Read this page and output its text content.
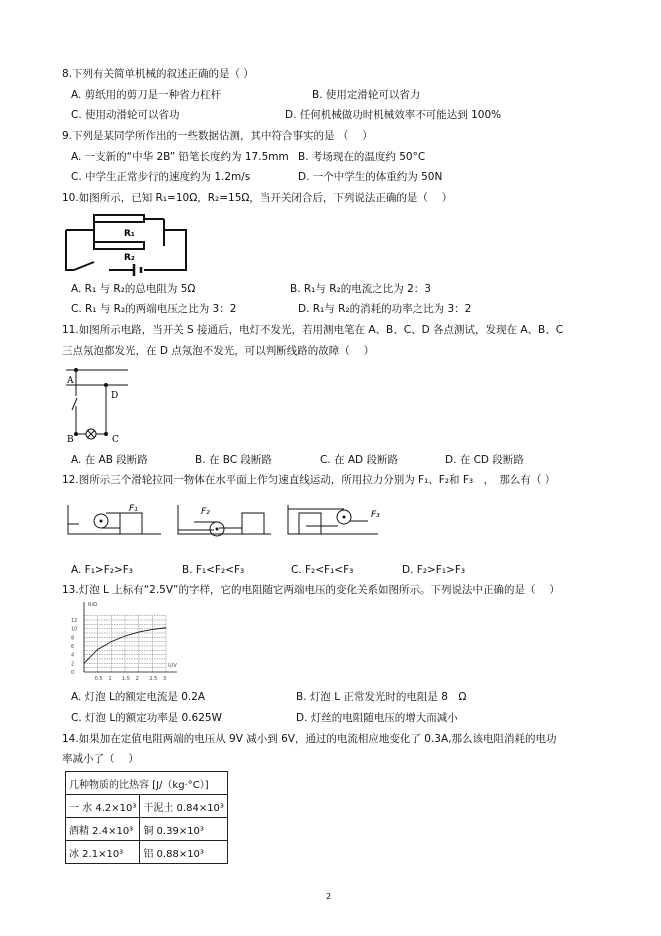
8.下列有关简单机械的叙述正确的是（ ）
A. 剪纸用的剪刀是一种省力杠杆	B. 使用定滑轮可以省力
C. 使用动滑轮可以省功	D. 任何机械做功时机械效率不可能达到 100%
9.下列是某同学所作出的一些数据估测，其中符合事实的是 （　 ）
A. 一支新的“中华 2B” 铅笔长度约为 17.5mm B. 考场现在的温度约 50°C
C. 中学生正常步行的速度约为 1.2m/s	D. 一个中学生的体重约为 50N
10.如图所示，已知 R₁=10Ω，R₂=15Ω，当开关闭合后，下列说法正确的是（　 ）
R₁
R₂
A. R₁ 与 R₂的总电阻为 5Ω	B. R₁与 R₂的电流之比为 2：3
C. R₁ 与 R₂的两端电压之比为 3：2	D. R₁与 R₂的消耗的功率之比为 3：2
11.如图所示电路，当开关 S 接通后，电灯不发光，若用测电笔在 A、B、C、D 各点测试，发现在 A、B、C
三点氖泡都发光，在 D 点氖泡不发光，可以判断线路的故障（　 ）
A
D
B	C
A. 在 AB 段断路	B. 在 BC 段断路	C. 在 AD 段断路	D. 在 CD 段断路
12.图所示三个滑轮拉同一物体在水平面上作匀速直线运动，所用拉力分别为 F₁、F₂和 F₃　，　那么有（ ）
F₁	F₂	F₃
A. F₁>F₂>F₃	B. F₁<F₂<F₃	C. F₂<F₁<F₃	D. F₂>F₁>F₃
13.灯泡 L 上标有“2.5V”的字样，它的电阻随它两端电压的变化关系如图所示。下列说法中正确的是（　 ）
0
2
4
6
8
10
12
0.5 1 1.5 2 2.5 3
R/Ω
U/V
A. 灯泡 L的额定电流是 0.2A	B. 灯泡 L 正常发光时的电阻是 8　Ω
C. 灯泡 L的额定功率是 0.625W	D. 灯丝的电阻随电压的增大而减小
14.如果加在定值电阻两端的电压从 9V 减小到 6V，通过的电流相应地变化了 0.3A,那么该电阻消耗的电功
率减小了（　 ）
几种物质的比热容 [J/（kg·°C）]	
一 水 4.2×10³	干泥土 0.84×10³
酒精 2.4×10³	铜 0.39×10³
冰 2.1×10³	铝 0.88×10³
2
